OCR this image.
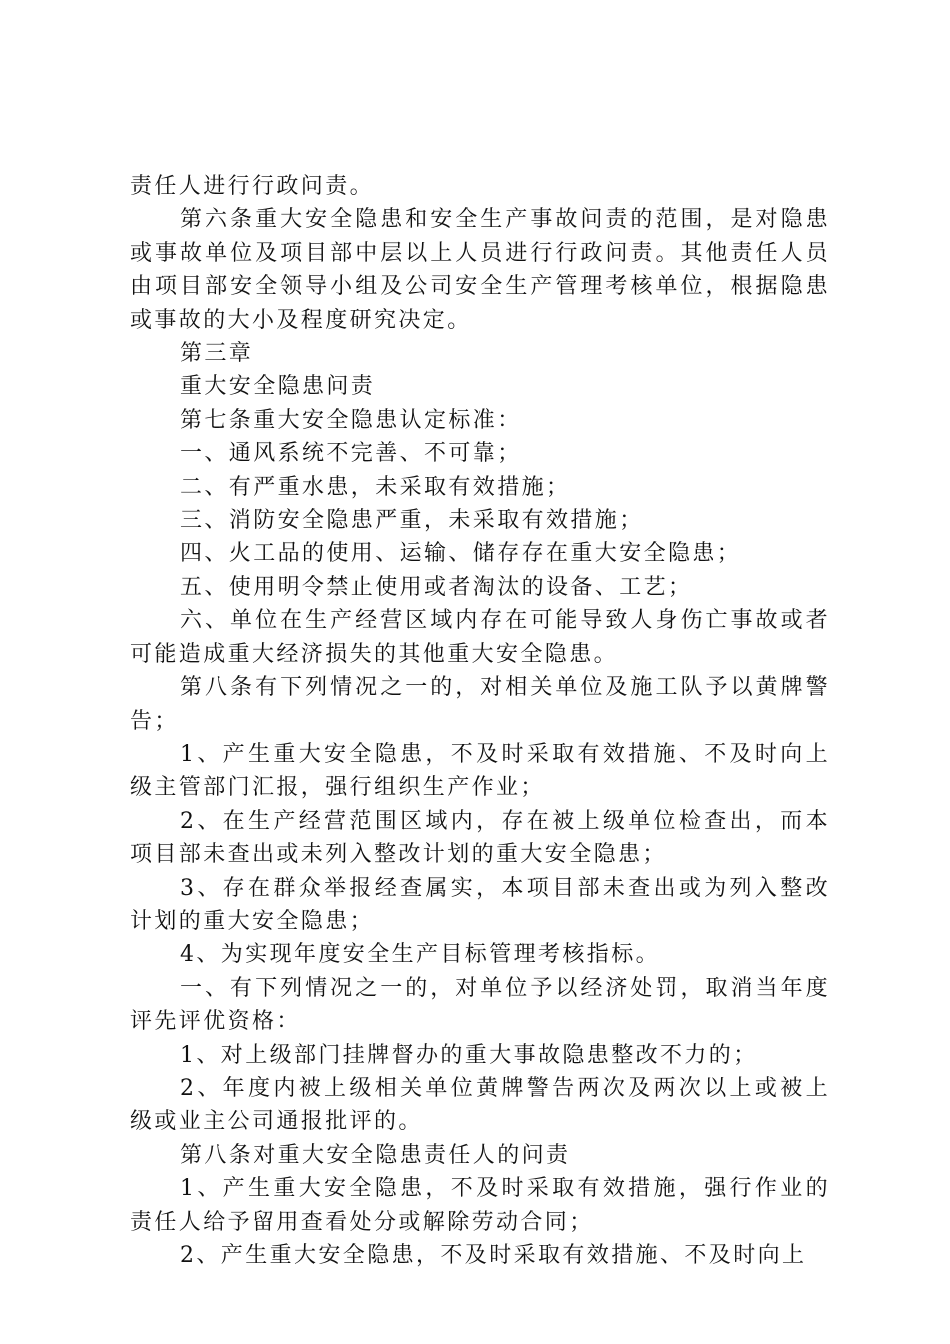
责任人进行行政问责。

第六条重大安全隐患和安全生产事故问责的范围，是对隐患或事故单位及项目部中层以上人员进行行政问责。其他责任人员由项目部安全领导小组及公司安全生产管理考核单位，根据隐患或事故的大小及程度研究决定。

第三章

重大安全隐患问责

第七条重大安全隐患认定标准：

一、通风系统不完善、不可靠；

二、有严重水患，未采取有效措施；

三、消防安全隐患严重，未采取有效措施；

四、火工品的使用、运输、储存存在重大安全隐患；

五、使用明令禁止使用或者淘汰的设备、工艺；

六、单位在生产经营区域内存在可能导致人身伤亡事故或者可能造成重大经济损失的其他重大安全隐患。

第八条有下列情况之一的，对相关单位及施工队予以黄牌警告；

1、产生重大安全隐患，不及时采取有效措施、不及时向上级主管部门汇报，强行组织生产作业；

2、在生产经营范围区域内，存在被上级单位检查出，而本项目部未查出或未列入整改计划的重大安全隐患；

3、存在群众举报经查属实，本项目部未查出或为列入整改计划的重大安全隐患；

4、为实现年度安全生产目标管理考核指标。

一、有下列情况之一的，对单位予以经济处罚，取消当年度评先评优资格：

1、对上级部门挂牌督办的重大事故隐患整改不力的；

2、年度内被上级相关单位黄牌警告两次及两次以上或被上级或业主公司通报批评的。

第八条对重大安全隐患责任人的问责

1、产生重大安全隐患，不及时采取有效措施，强行作业的责任人给予留用查看处分或解除劳动合同；

2、产生重大安全隐患，不及时采取有效措施、不及时向上
